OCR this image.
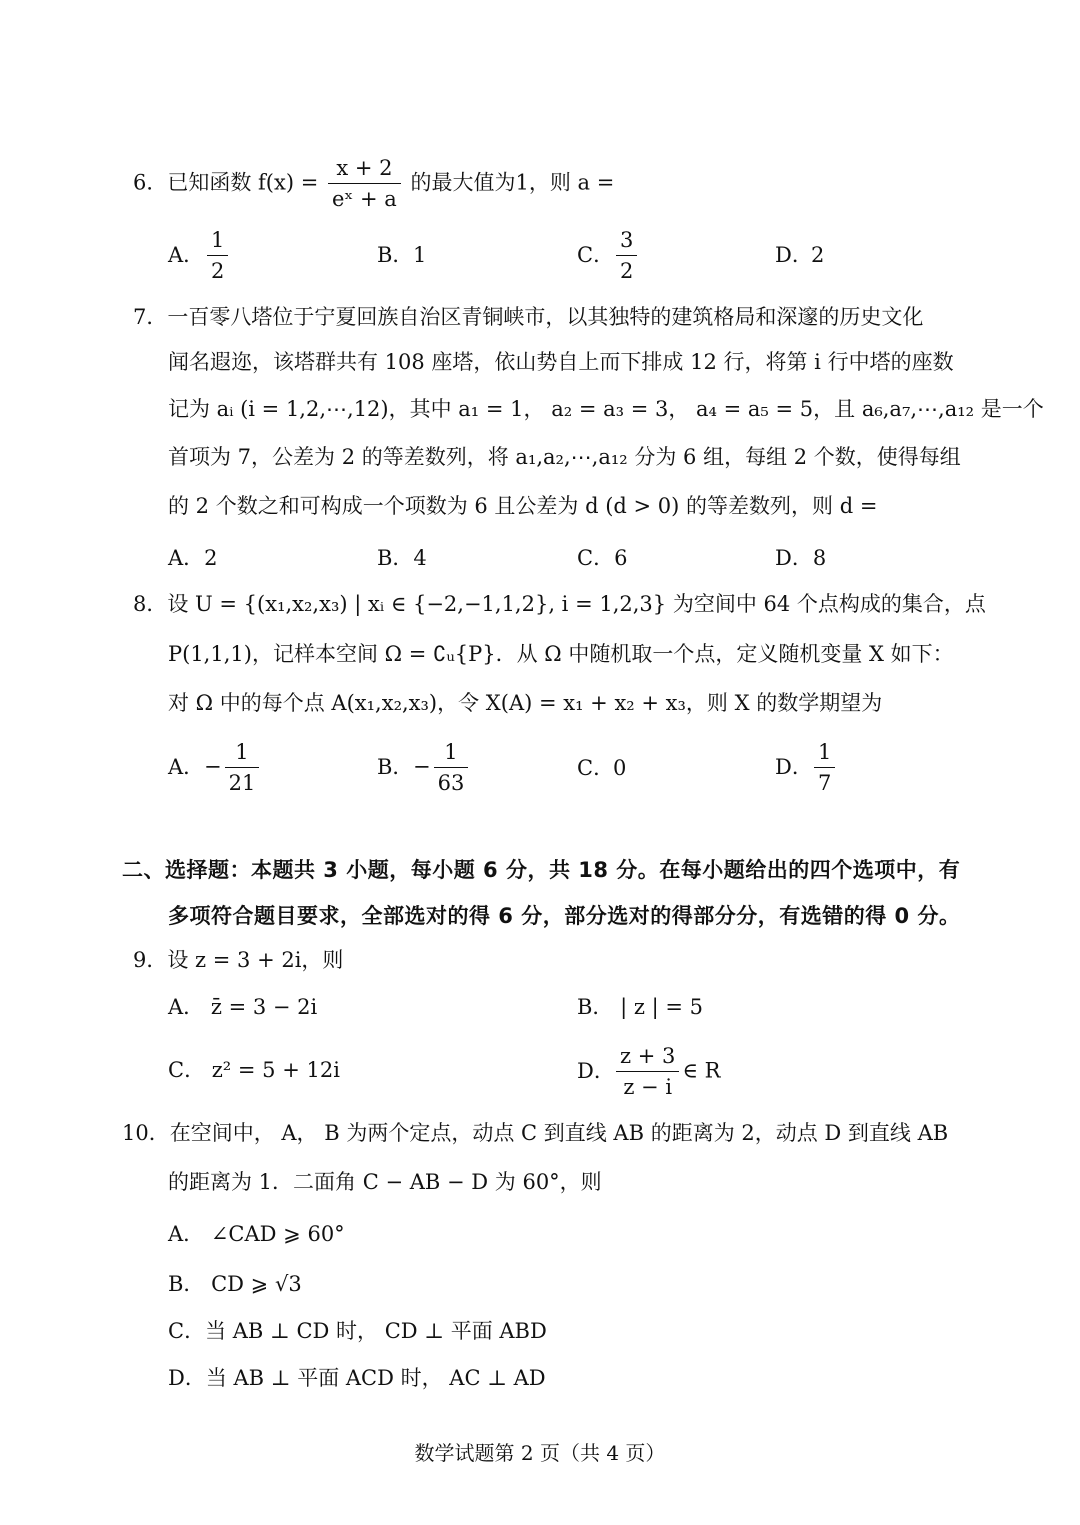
6．已知函数 $f(x) = \frac{x + 2}{\text{eˣ + a}}$ 的最大值为1，则 a =
A． $\frac{1}{2}$	B．1	C． $\frac{3}{2}$	D．2
7．一百零八塔位于宁夏回族自治区青铜峡市，以其独特的建筑格局和深邃的历史文化
闻名遐迩，该塔群共有 108 座塔，依山势自上而下排成 12 行，将第 i 行中塔的座数
记为 aᵢ (i = 1,2,⋯,12)，其中 a₁ = 1， a₂ = a₃ = 3， a₄ = a₅ = 5，且 a₆,a₇,⋯,a₁₂ 是一个
首项为 7，公差为 2 的等差数列，将 a₁,a₂,⋯,a₁₂ 分为 6 组，每组 2 个数，使得每组
的 2 个数之和可构成一个项数为 6 且公差为 d (d > 0) 的等差数列，则 d =
A．2	B．4	C．6	D．8
8．设 U = {(x₁,x₂,x₃) | xᵢ ∈ {−2,−1,1,2}, i = 1,2,3} 为空间中 64 个点构成的集合，点
P(1,1,1)，记样本空间 Ω = ∁ᵤ{P}．从 Ω 中随机取一个点，定义随机变量 X 如下：
对 Ω 中的每个点 A(x₁,x₂,x₃)，令 X(A) = x₁ + x₂ + x₃，则 X 的数学期望为
A．− $\frac{1}{21}$	B．− $\frac{1}{63}$	C．0	D． $\frac{1}{7}$
二、选择题：本题共 3 小题，每小题 6 分，共 18 分。在每小题给出的四个选项中，有
多项符合题目要求，全部选对的得 6 分，部分选对的得部分分，有选错的得 0 分。
9．设 z = 3 + 2i，则
A． z̄ = 3 − 2i	B． | z | = 5
C． z² = 5 + 12i	D． $\frac{z + 3}{z - i}$ ∈ R
10．在空间中， A， B 为两个定点，动点 C 到直线 AB 的距离为 2，动点 D 到直线 AB
的距离为 1．二面角 C − AB − D 为 60°，则
A． ∠CAD ⩾ 60°
B． CD ⩾ √3
C．当 AB ⊥ CD 时， CD ⊥ 平面 ABD
D．当 AB ⊥ 平面 ACD 时， AC ⊥ AD
数学试题第 2 页（共 4 页）
